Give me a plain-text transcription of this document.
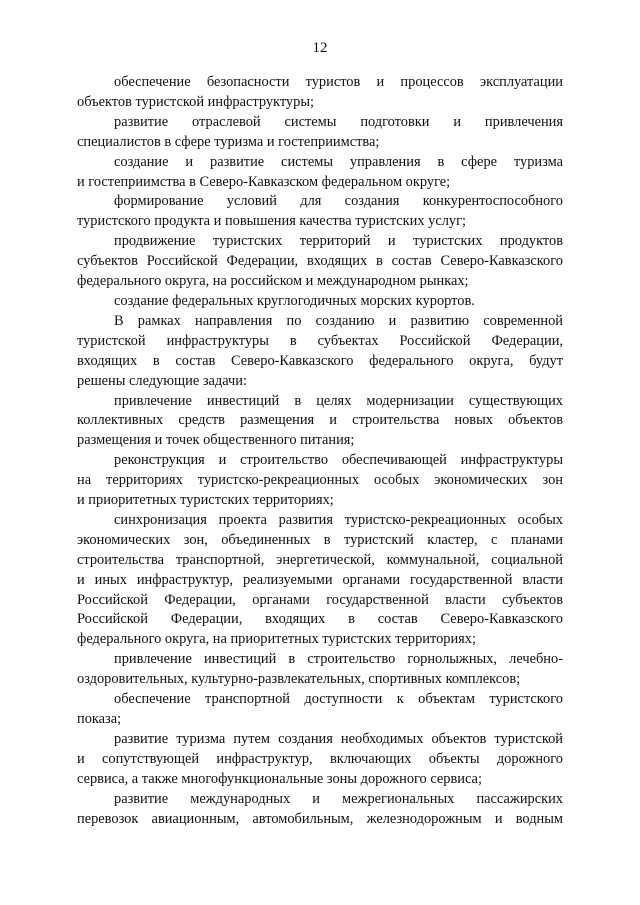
12

обеспечение безопасности туристов и процессов эксплуатации
объектов туристской инфраструктуры;

развитие отраслевой системы подготовки и привлечения
специалистов в сфере туризма и гостеприимства;

создание и развитие системы управления в сфере туризма
и гостеприимства в Северо-Кавказском федеральном округе;

формирование условий для создания конкурентоспособного
туристского продукта и повышения качества туристских услуг;

продвижение туристских территорий и туристских продуктов
субъектов Российской Федерации, входящих в состав Северо-Кавказского
федерального округа, на российском и международном рынках;

создание федеральных круглогодичных морских курортов.

В рамках направления по созданию и развитию современной
туристской инфраструктуры в субъектах Российской Федерации,
входящих в состав Северо-Кавказского федерального округа, будут
решены следующие задачи:

привлечение инвестиций в целях модернизации существующих
коллективных средств размещения и строительства новых объектов
размещения и точек общественного питания;

реконструкция и строительство обеспечивающей инфраструктуры
на территориях туристско-рекреационных особых экономических зон
и приоритетных туристских территориях;

синхронизация проекта развития туристско-рекреационных особых
экономических зон, объединенных в туристский кластер, с планами
строительства транспортной, энергетической, коммунальной, социальной
и иных инфраструктур, реализуемыми органами государственной власти
Российской Федерации, органами государственной власти субъектов
Российской Федерации, входящих в состав Северо-Кавказского
федерального округа, на приоритетных туристских территориях;

привлечение инвестиций в строительство горнолыжных, лечебно-
оздоровительных, культурно-развлекательных, спортивных комплексов;

обеспечение транспортной доступности к объектам туристского
показа;

развитие туризма путем создания необходимых объектов туристской
и сопутствующей инфраструктур, включающих объекты дорожного
сервиса, а также многофункциональные зоны дорожного сервиса;

развитие международных и межрегиональных пассажирских
перевозок авиационным, автомобильным, железнодорожным и водным
